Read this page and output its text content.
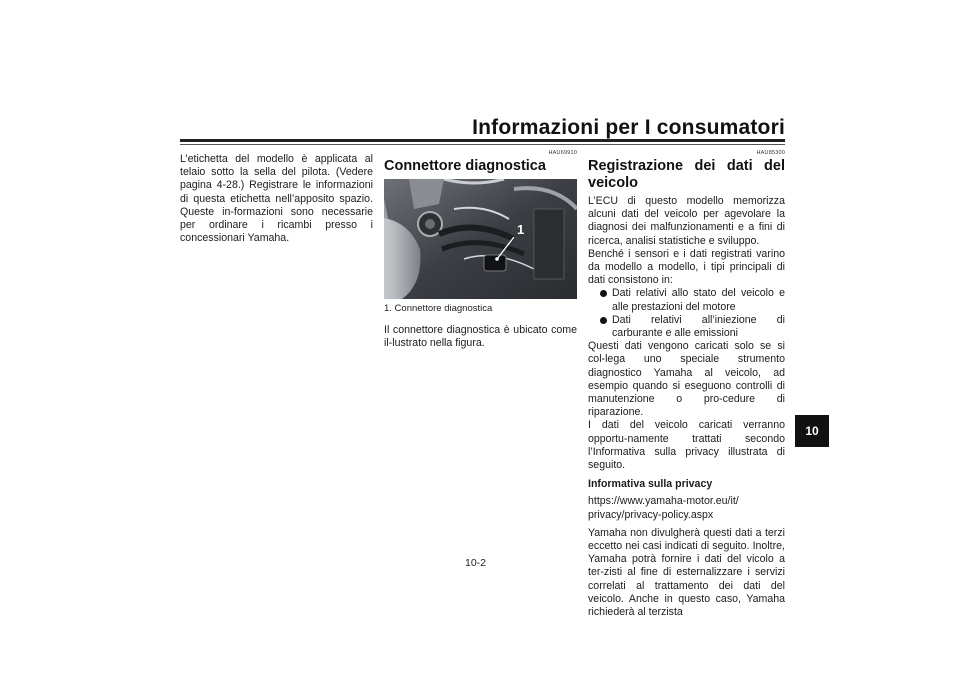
Informazioni per I consumatori

L’etichetta del modello è applicata al telaio sotto la sella del pilota. (Vedere pagina 4-28.) Registrare le informazioni di questa etichetta nell’apposito spazio. Queste in-formazioni sono necessarie per ordinare i ricambi presso i concessionari Yamaha.

HAU69910
Connettore diagnostica
1
1. Connettore diagnostica

Il connettore diagnostica è ubicato come il-lustrato nella figura.

HAU85300
Registrazione dei dati del veicolo

L’ECU di questo modello memorizza alcuni dati del veicolo per agevolare la diagnosi dei malfunzionamenti e a fini di ricerca, analisi statistiche e sviluppo.

Benché i sensori e i dati registrati varino da modello a modello, i tipi principali di dati consistono in:

Dati relativi allo stato del veicolo e alle prestazioni del motore
Dati relativi all’iniezione di carburante e alle emissioni

Questi dati vengono caricati solo se si col-lega uno speciale strumento diagnostico Yamaha al veicolo, ad esempio quando si eseguono controlli di manutenzione o pro-cedure di riparazione.

I dati del veicolo caricati verranno opportu-namente trattati secondo l’Informativa sulla privacy illustrata di seguito.

Informativa sulla privacy
https://www.yamaha-motor.eu/it/
privacy/privacy-policy.aspx

Yamaha non divulgherà questi dati a terzi eccetto nei casi indicati di seguito. Inoltre, Yamaha potrà fornire i dati del vicolo a ter-zisti al fine di esternalizzare i servizi correlati al trattamento dei dati del veicolo. Anche in questo caso, Yamaha richiederà al terzista

10
10-2
